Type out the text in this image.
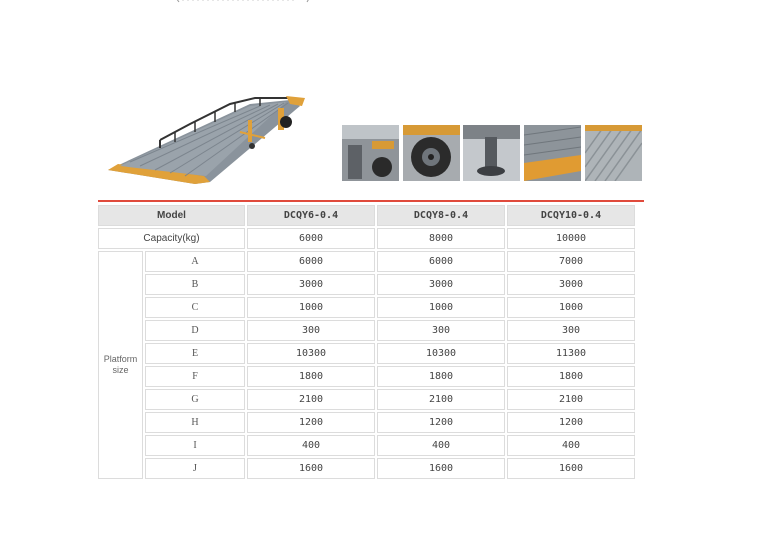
Model		DCQY6-0.4	DCQY8-0.4	DCQY10-0.4
Capacity(kg)		6000	8000	10000
Platform
size	A	6000	6000	7000
	B	3000	3000	3000
	C	1000	1000	1000
	D	300	300	300
	E	10300	10300	11300
	F	1800	1800	1800
	G	2100	2100	2100
	H	1200	1200	1200
	I	400	400	400
	J	1600	1600	1600
